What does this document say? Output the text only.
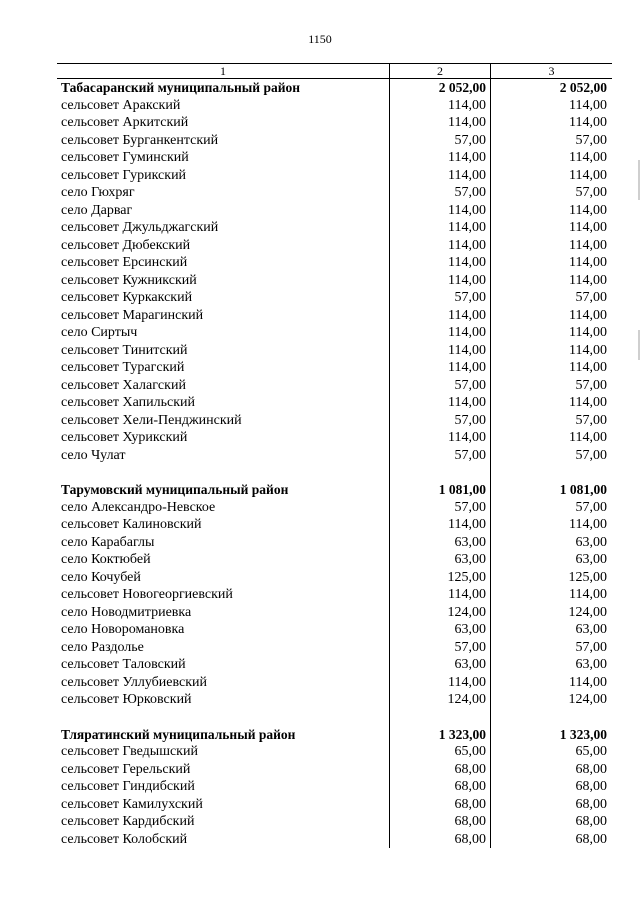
1150
1	2	3
Табасаранский муниципальный район	2 052,00	2 052,00
сельсовет Аракский	114,00	114,00
сельсовет Аркитский	114,00	114,00
сельсовет Бурганкентский	57,00	57,00
сельсовет Гуминский	114,00	114,00
сельсовет Гурикский	114,00	114,00
село Гюхряг	57,00	57,00
село Дарваг	114,00	114,00
сельсовет Джульджагский	114,00	114,00
сельсовет Дюбекский	114,00	114,00
сельсовет Ерсинский	114,00	114,00
сельсовет Кужникский	114,00	114,00
сельсовет Куркакский	57,00	57,00
сельсовет Марагинский	114,00	114,00
село Сиртыч	114,00	114,00
сельсовет Тинитский	114,00	114,00
сельсовет Турагский	114,00	114,00
сельсовет Халагский	57,00	57,00
сельсовет Хапильский	114,00	114,00
сельсовет Хели-Пенджинский	57,00	57,00
сельсовет Хурикский	114,00	114,00
село Чулат	57,00	57,00
Тарумовский муниципальный район	1 081,00	1 081,00
село Александро-Невское	57,00	57,00
сельсовет Калиновский	114,00	114,00
село Карабаглы	63,00	63,00
село Коктюбей	63,00	63,00
село Кочубей	125,00	125,00
сельсовет Новогеоргиевский	114,00	114,00
село Новодмитриевка	124,00	124,00
село Новоромановка	63,00	63,00
село Раздолье	57,00	57,00
сельсовет Таловский	63,00	63,00
сельсовет Уллубиевский	114,00	114,00
сельсовет Юрковский	124,00	124,00
Тляратинский муниципальный район	1 323,00	1 323,00
сельсовет Гведышский	65,00	65,00
сельсовет Герельский	68,00	68,00
сельсовет Гиндибский	68,00	68,00
сельсовет Камилухский	68,00	68,00
сельсовет Кардибский	68,00	68,00
сельсовет Колобский	68,00	68,00
